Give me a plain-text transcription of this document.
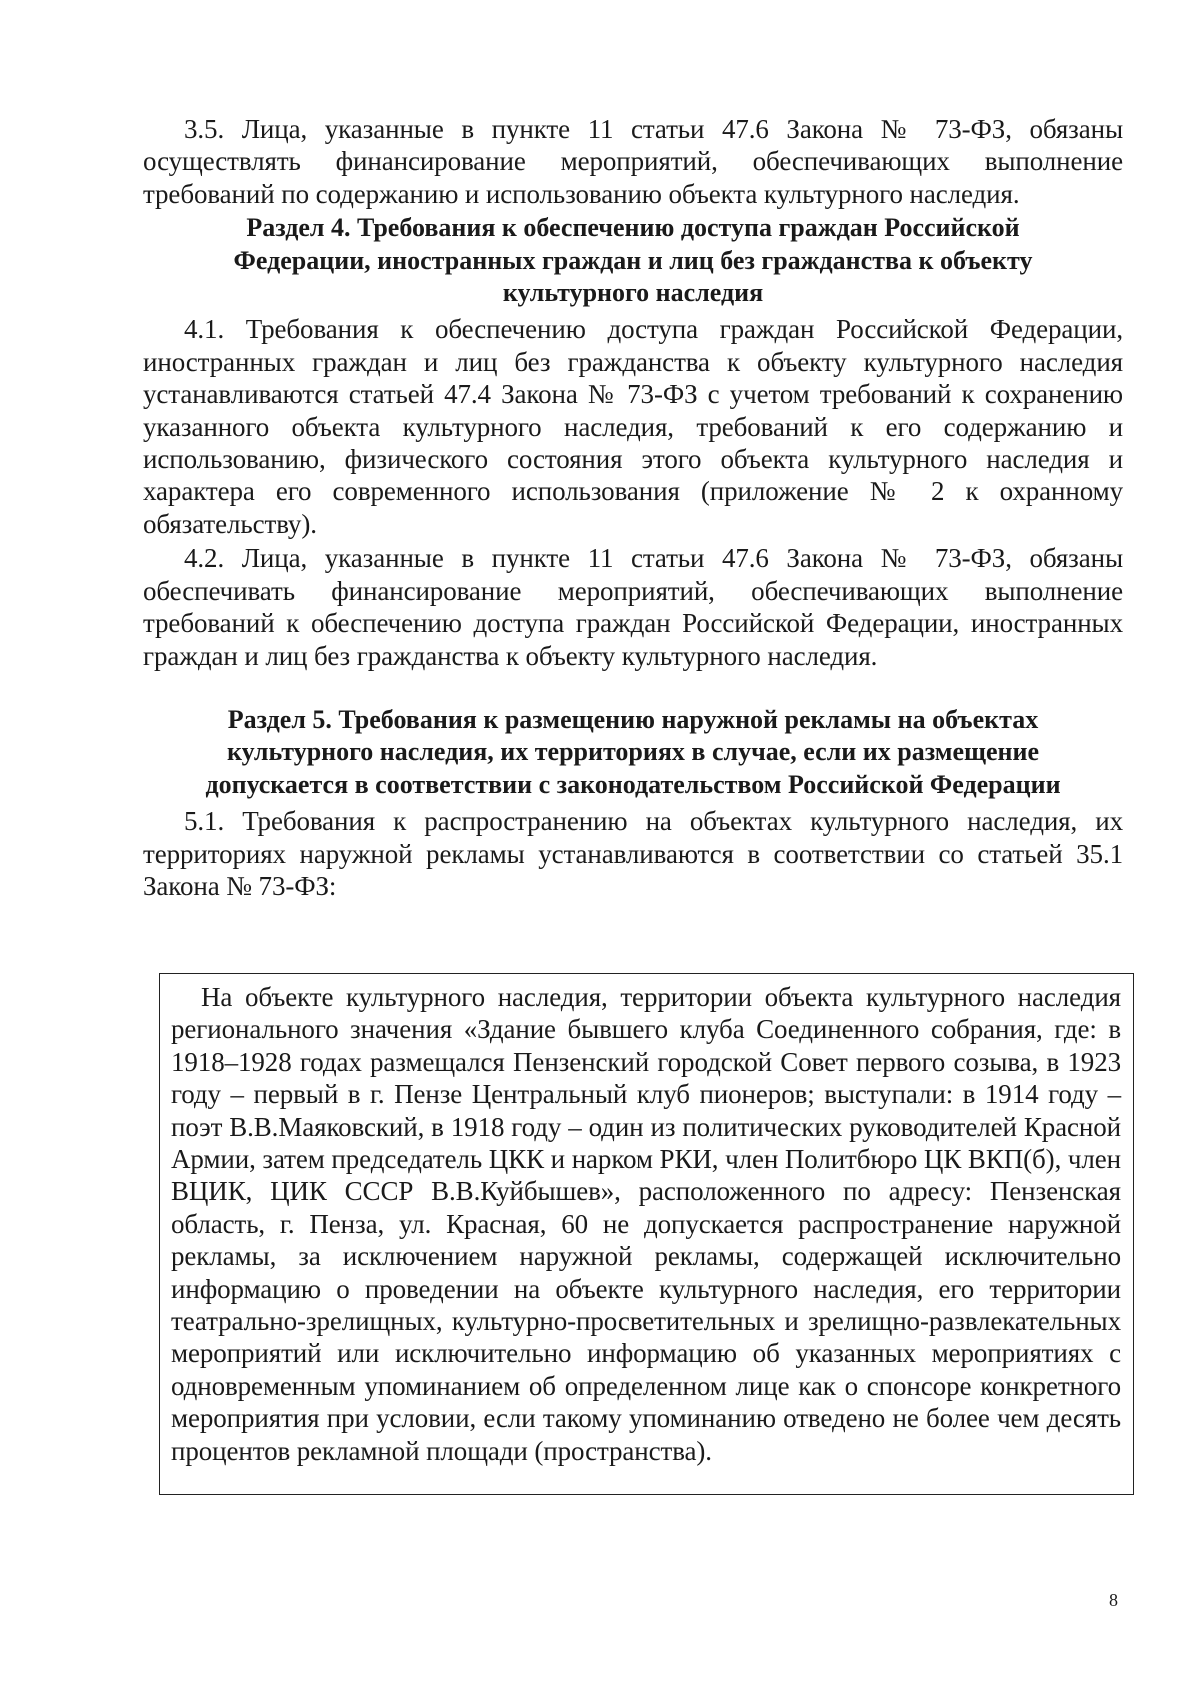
3.5. Лица, указанные в пункте 11 статьи 47.6 Закона № 73-ФЗ, обязаны осуществлять финансирование мероприятий, обеспечивающих выполнение требований по содержанию и использованию объекта культурного наследия.

Раздел 4. Требования к обеспечению доступа граждан Российской Федерации, иностранных граждан и лиц без гражданства к объекту культурного наследия

4.1. Требования к обеспечению доступа граждан Российской Федерации, иностранных граждан и лиц без гражданства к объекту культурного наследия устанавливаются статьей 47.4 Закона № 73-ФЗ с учетом требований к сохранению указанного объекта культурного наследия, требований к его содержанию и использованию, физического состояния этого объекта культурного наследия и характера его современного использования (приложение № 2 к охранному обязательству).

4.2. Лица, указанные в пункте 11 статьи 47.6 Закона № 73-ФЗ, обязаны обеспечивать финансирование мероприятий, обеспечивающих выполнение требований к обеспечению доступа граждан Российской Федерации, иностранных граждан и лиц без гражданства к объекту культурного наследия.

Раздел 5. Требования к размещению наружной рекламы на объектах культурного наследия, их территориях в случае, если их размещение допускается в соответствии с законодательством Российской Федерации

5.1. Требования к распространению на объектах культурного наследия, их территориях наружной рекламы устанавливаются в соответствии со статьей 35.1 Закона № 73-ФЗ:

На объекте культурного наследия, территории объекта культурного наследия регионального значения «Здание бывшего клуба Соединенного собрания, где: в 1918–1928 годах размещался Пензенский городской Совет первого созыва, в 1923 году – первый в г. Пензе Центральный клуб пионеров; выступали: в 1914 году – поэт В.В.Маяковский, в 1918 году – один из политических руководителей Красной Армии, затем председатель ЦКК и нарком РКИ, член Политбюро ЦК ВКП(б), член ВЦИК, ЦИК СССР В.В.Куйбышев», расположенного по адресу: Пензенская область, г. Пенза, ул. Красная, 60 не допускается распространение наружной рекламы, за исключением наружной рекламы, содержащей исключительно информацию о проведении на объекте культурного наследия, его территории театрально-зрелищных, культурно-просветительных и зрелищно-развлекательных мероприятий или исключительно информацию об указанных мероприятиях с одновременным упоминанием об определенном лице как о спонсоре конкретного мероприятия при условии, если такому упоминанию отведено не более чем десять процентов рекламной площади (пространства).

8
